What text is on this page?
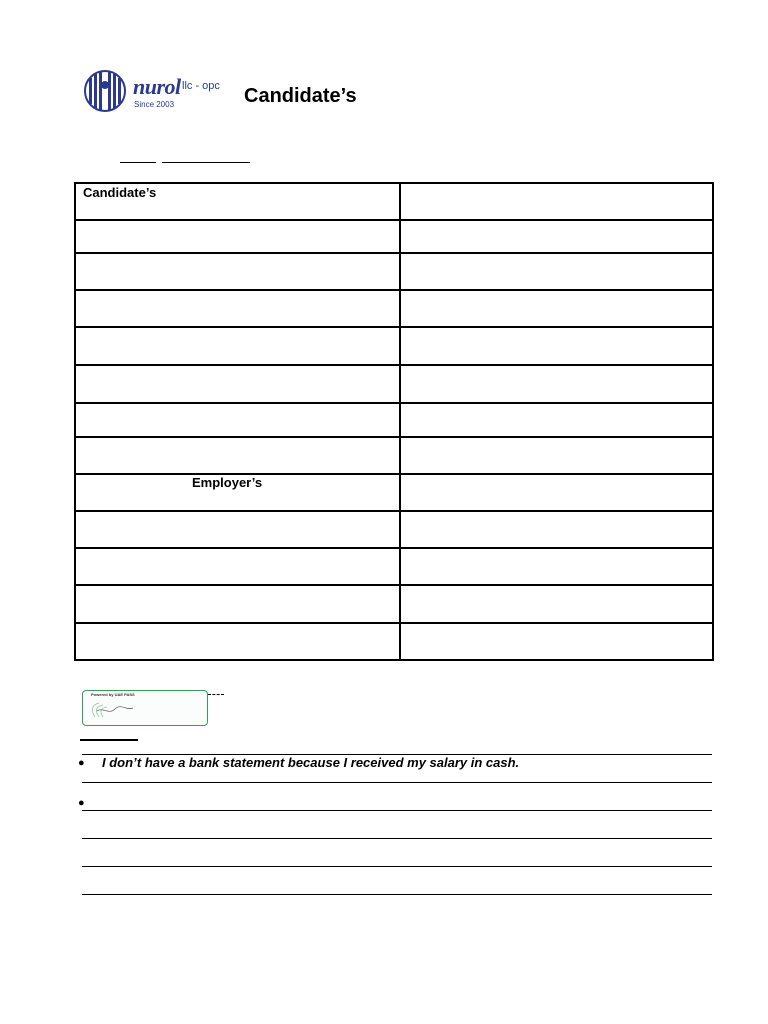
nurol llc - opc
Since 2003	Candidate’s
Candidate’s	

Employer’s	

Powered by UAE PASS
● I don’t have a bank statement because I received my salary in cash.
●
